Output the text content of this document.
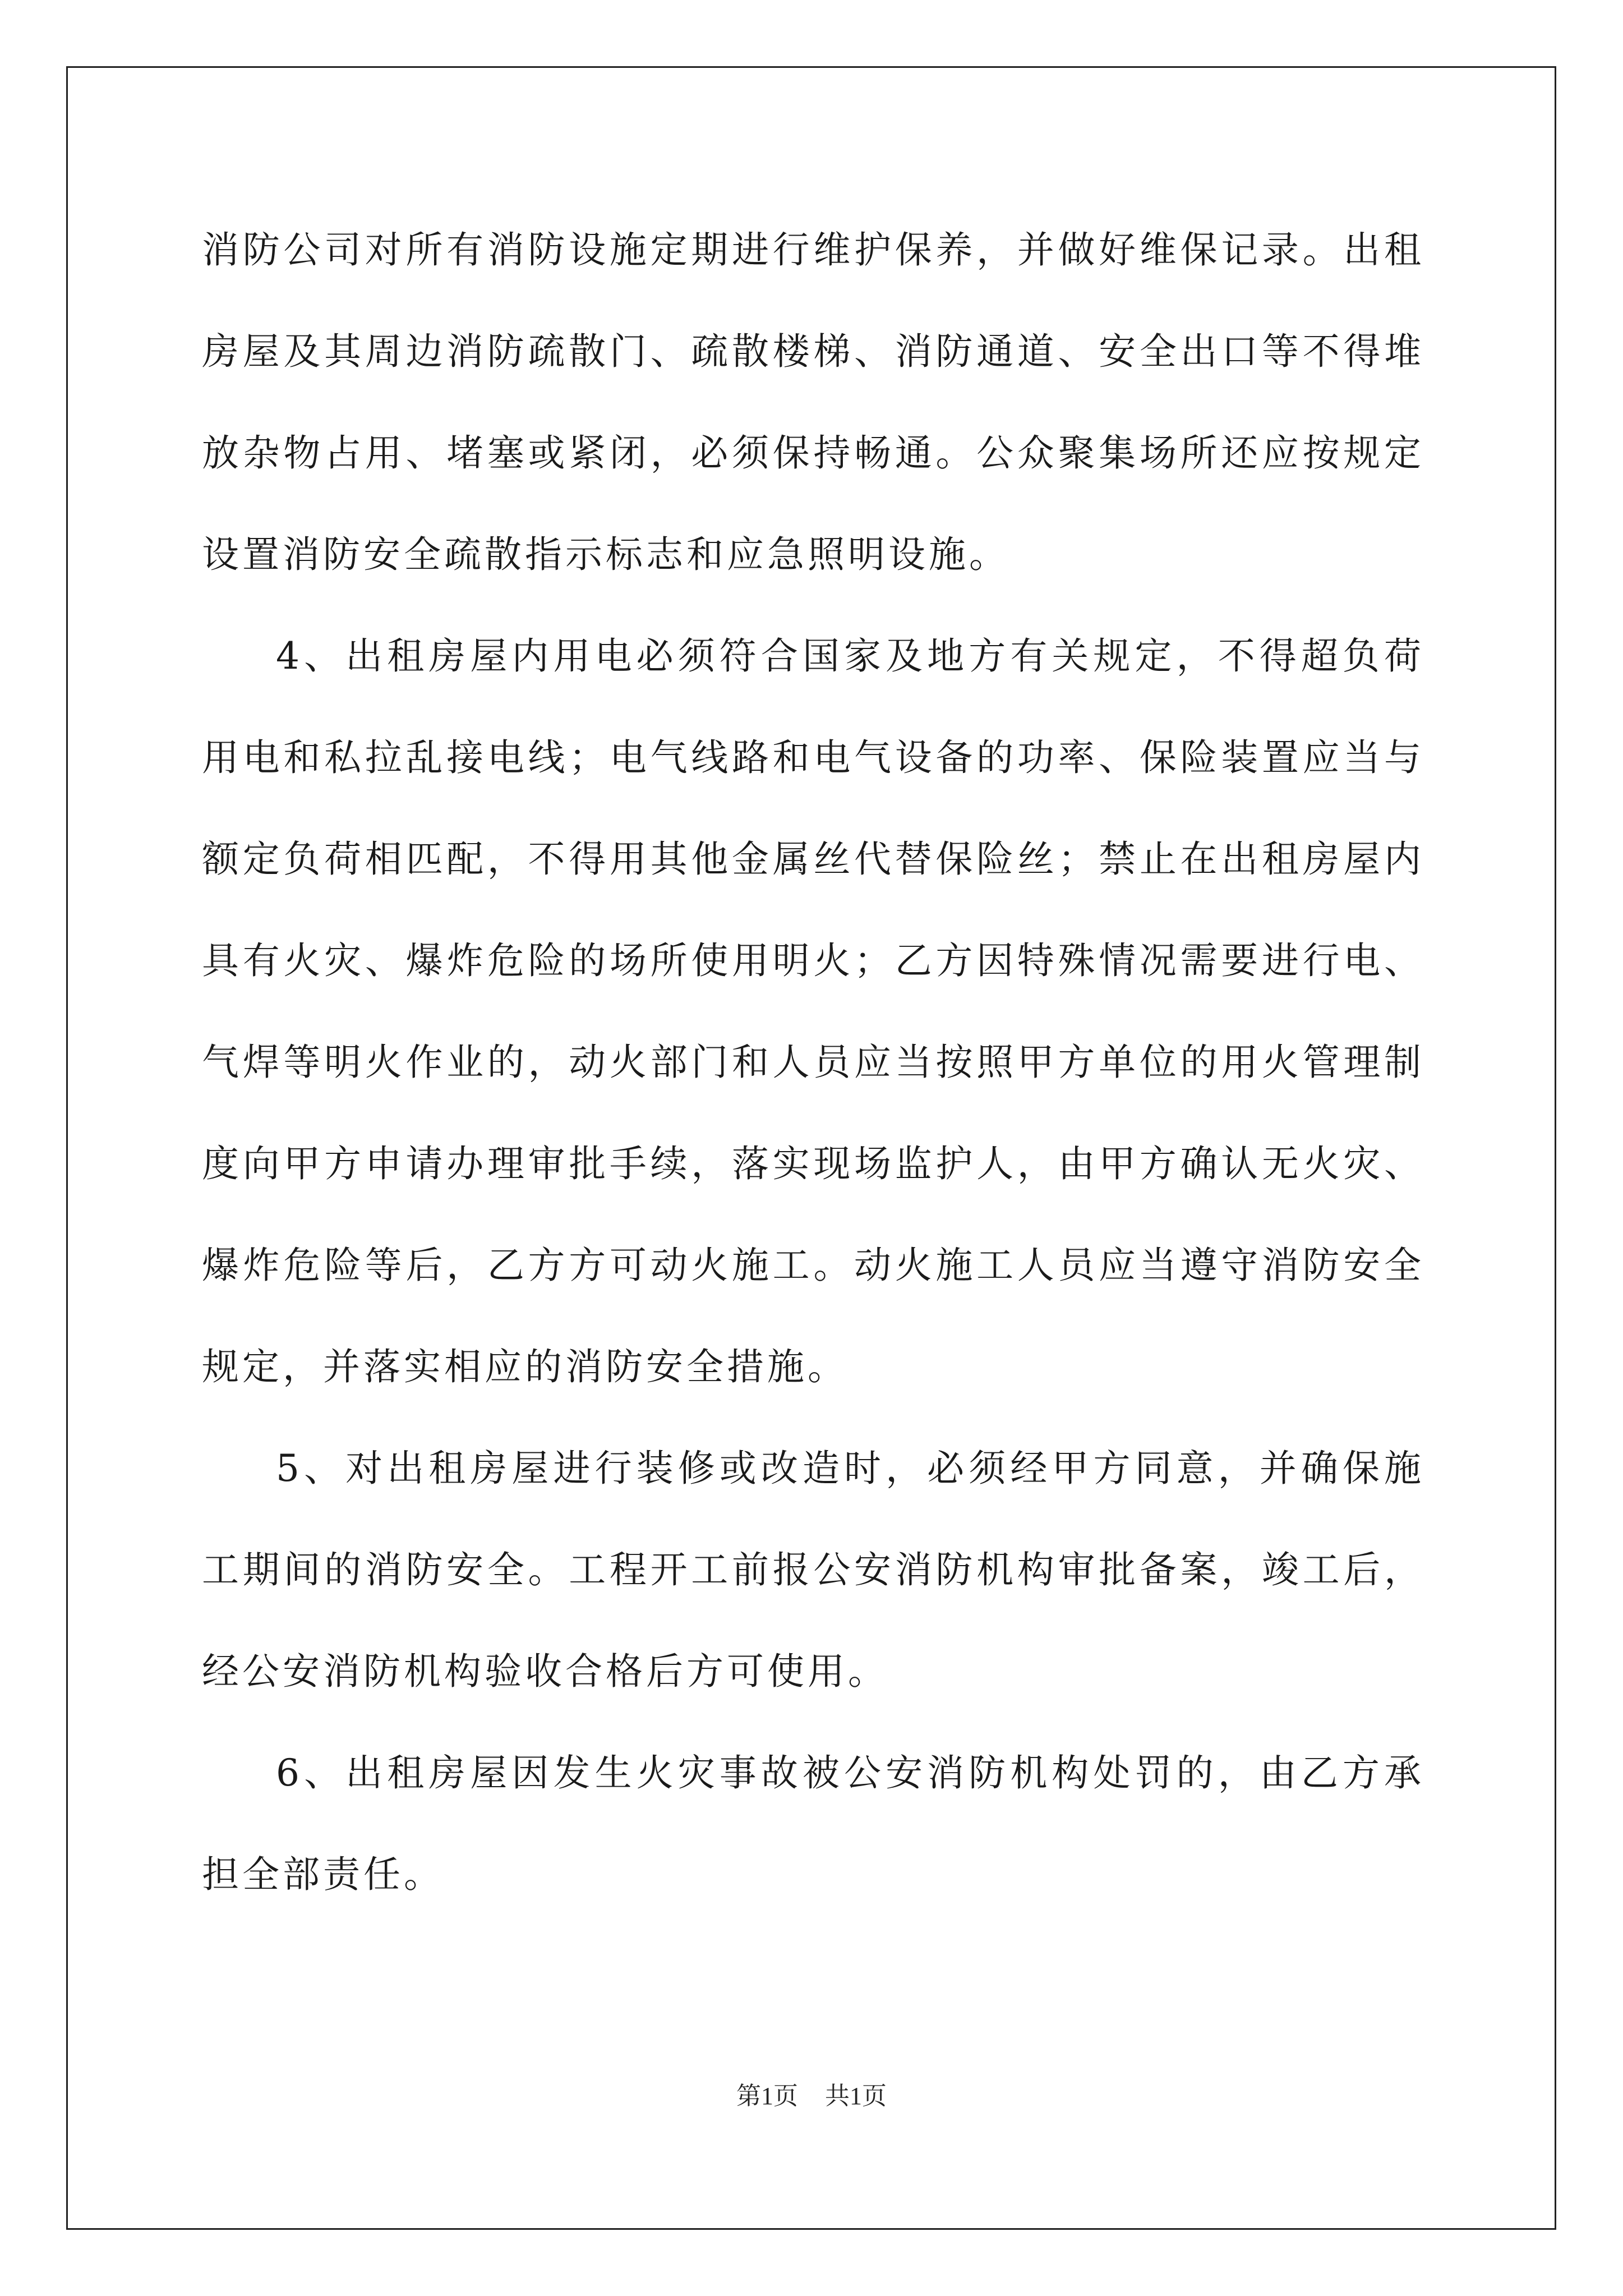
消防公司对所有消防设施定期进行维护保养，并做好维保记录。出租房屋及其周边消防疏散门、疏散楼梯、消防通道、安全出口等不得堆放杂物占用、堵塞或紧闭，必须保持畅通。公众聚集场所还应按规定设置消防安全疏散指示标志和应急照明设施。

4、出租房屋内用电必须符合国家及地方有关规定，不得超负荷用电和私拉乱接电线；电气线路和电气设备的功率、保险装置应当与额定负荷相匹配，不得用其他金属丝代替保险丝；禁止在出租房屋内具有火灾、爆炸危险的场所使用明火；乙方因特殊情况需要进行电、气焊等明火作业的，动火部门和人员应当按照甲方单位的用火管理制度向甲方申请办理审批手续，落实现场监护人，由甲方确认无火灾、爆炸危险等后，乙方方可动火施工。动火施工人员应当遵守消防安全规定，并落实相应的消防安全措施。

5、对出租房屋进行装修或改造时，必须经甲方同意，并确保施工期间的消防安全。工程开工前报公安消防机构审批备案，竣工后，经公安消防机构验收合格后方可使用。

6、出租房屋因发生火灾事故被公安消防机构处罚的，由乙方承担全部责任。

第1页 共1页
